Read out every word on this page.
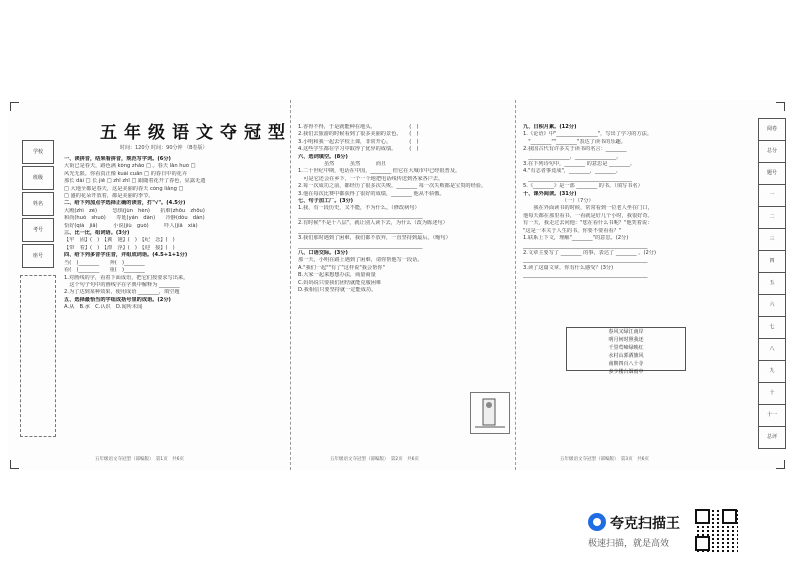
学校
班级
姓名
考号
座号
阅卷
总分
题号
一
二
三
四
五
六
七
八
九
十
十一
总评
五年级语文夺冠型
时间：120分 时间：90分钟 （B卷版）

一、读拼音，结果看拼音，规范写字词。(6分)

大街已是春天，路色满 kǒng zhǎo □ 。春天 lǎn huò □

风光无限。你看真正像 kuài cuān □ 的春日中的花卉

那长 dài □ 长 jiě □ zhǐ zhī □ 跟随着花开了春色，显露无遗

□ 大地全都是春天，这是美丽的春天 cóng liǎng □

□ 盛的花朵开放着，都是美丽的季节。

二、给下列加点字选择正确的读音，打"√"。(4.5分)

大殿(zhì　zé)　　　恐惧(jùn　hèn)　　抗难(zhōu　zhōu)

和尚(huǒ　shuò)　　寿延(yán　dàn)　　冷静(dǒu　dàn)

恰好(qià　jiā)　　　小说(jiù　guò)　　　吓人(jiǎ　xià)

三、比一比，组词语。(3分)

【牢　固】(　)　【翼　翅】(　)　【纪　念】(　)

【带　着】(　)　【漂　浮】(　)　【迎　接】(　)

四、给下列多音字注音，并组成词语。(4.5+1+1分)

当(　)________　　奔(　)________

看(　)________　　重(　)________

1.对画线的字，看着下面成语，把它们按要求写出来。

　这个句子句中的画线字在字典中解释为 ________

2.为了达到某种效果，使用成语 ________，填空题

五、选择最恰当的字组成括号里的成语。(2分)

A.从　B.承　C.认识　D.闻所未闻

1.香得不得，于是就能种在地头。　　　　　　　(　)

2.我们去旅游的时候看到了很多美丽的景色。　　(　)

3.小明和我一起去学校上课，非常开心。　　　　(　)

4.这些学生都在学习中取得了优异的成绩。　　　(　)

六、选词填空。(8分)

　　　　　虽然　　　虽然　　　而且

1.二十世纪中期，电话在中国，________ 但它在大城市中已经很普及。

　可是它还会在乡下，一个一个地把电话线传送到各家各户去。

2.每一次成功之前，都经历了很多次失败，________ 每一次失败都是宝贵的经验。

3.他在每次比赛中都获得了很好的成绩，________ 他从不骄傲。

七、句子加工厂。(3分)

1.我，有一段历史，又不能，不为什么。（修改病句）

________________________________________________

2.有时候"不是十八层"，就让别人读下去，为什么（改为陈述句）

________________________________________________

3.我们那时遇到了困难，我们都不放弃，一直坚持到最后。（缩句）

________________________________________________

八、口语交际。(3分)

那一天，小明在路上遇到了困难，请你帮他写一段话。

A."我们一起""有了"这样说"我会帮你"

B.大家一起来想想办法，商量商量

C.妈妈说只要我们团结就能克服困难

D.我相信只要坚持就一定能成功。

九、日积月累。(12分)

1.《论语》中"________________"，写出了学习的方法。

　"________""________"表达了读书的乐趣。

2.我国古代有许多关于读书的名言：________

　________________，________________。

3.在下列诗句中，________ 的意思是 ________。

4."有志者事竟成"，________，________。

　________________________________________

5.《________》是一部 ________ 的书。（填写书名）

十、课外阅读。(31分)

　　　　　　　　（一）（7分）

　　我在外面读书的时候，常常看到一位老人坐在门口，

他每天都在那里看书，一看就是好几个小时，我很好奇。

有一天，我走过去问他："您在看什么书呢？"他笑着说：

"这是一本关于人生的书，你要不要看看？"

1.联系上下文，理解"________"的意思。(2分)

________________________________________________

2.文章主要写了 ________ 的事，表达了 ________ 。(2分)

________________________________________________

3.读了这篇文章，你有什么感受？(3分)

________________________________________________

春风又绿江南岸
明月何时照我还
千里莺啼绿映红
水村山郭酒旗风
南朝四百八十寺
多少楼台烟雨中
五年级语文夺冠型（部编版）　第1页　共6页	五年级语文夺冠型（部编版）　第2页　共6页	五年级语文夺冠型（部编版）　第3页　共6页
夸克扫描王
极速扫描，就是高效
